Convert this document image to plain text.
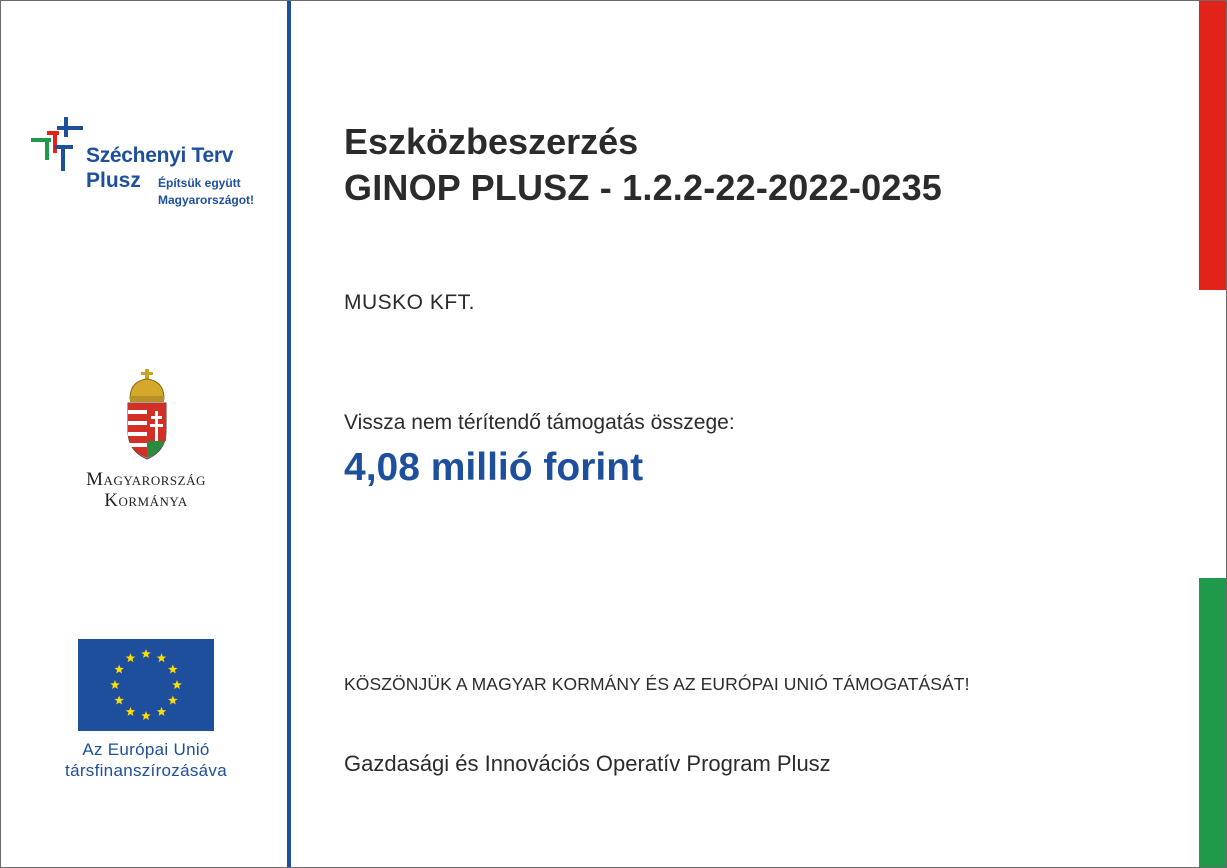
Széchenyi Terv
Plusz Építsük együtt
Magyarországot!
Magyarország
Kormánya
Az Európai Unió
társfinanszírozásáva
Eszközbeszerzés
GINOP PLUSZ - 1.2.2-22-2022-0235
MUSKO KFT.
Vissza nem térítendő támogatás összege:
4,08 millió forint
KÖSZÖNJÜK A MAGYAR KORMÁNY ÉS AZ EURÓPAI UNIÓ TÁMOGATÁSÁT!
Gazdasági és Innovációs Operatív Program Plusz
